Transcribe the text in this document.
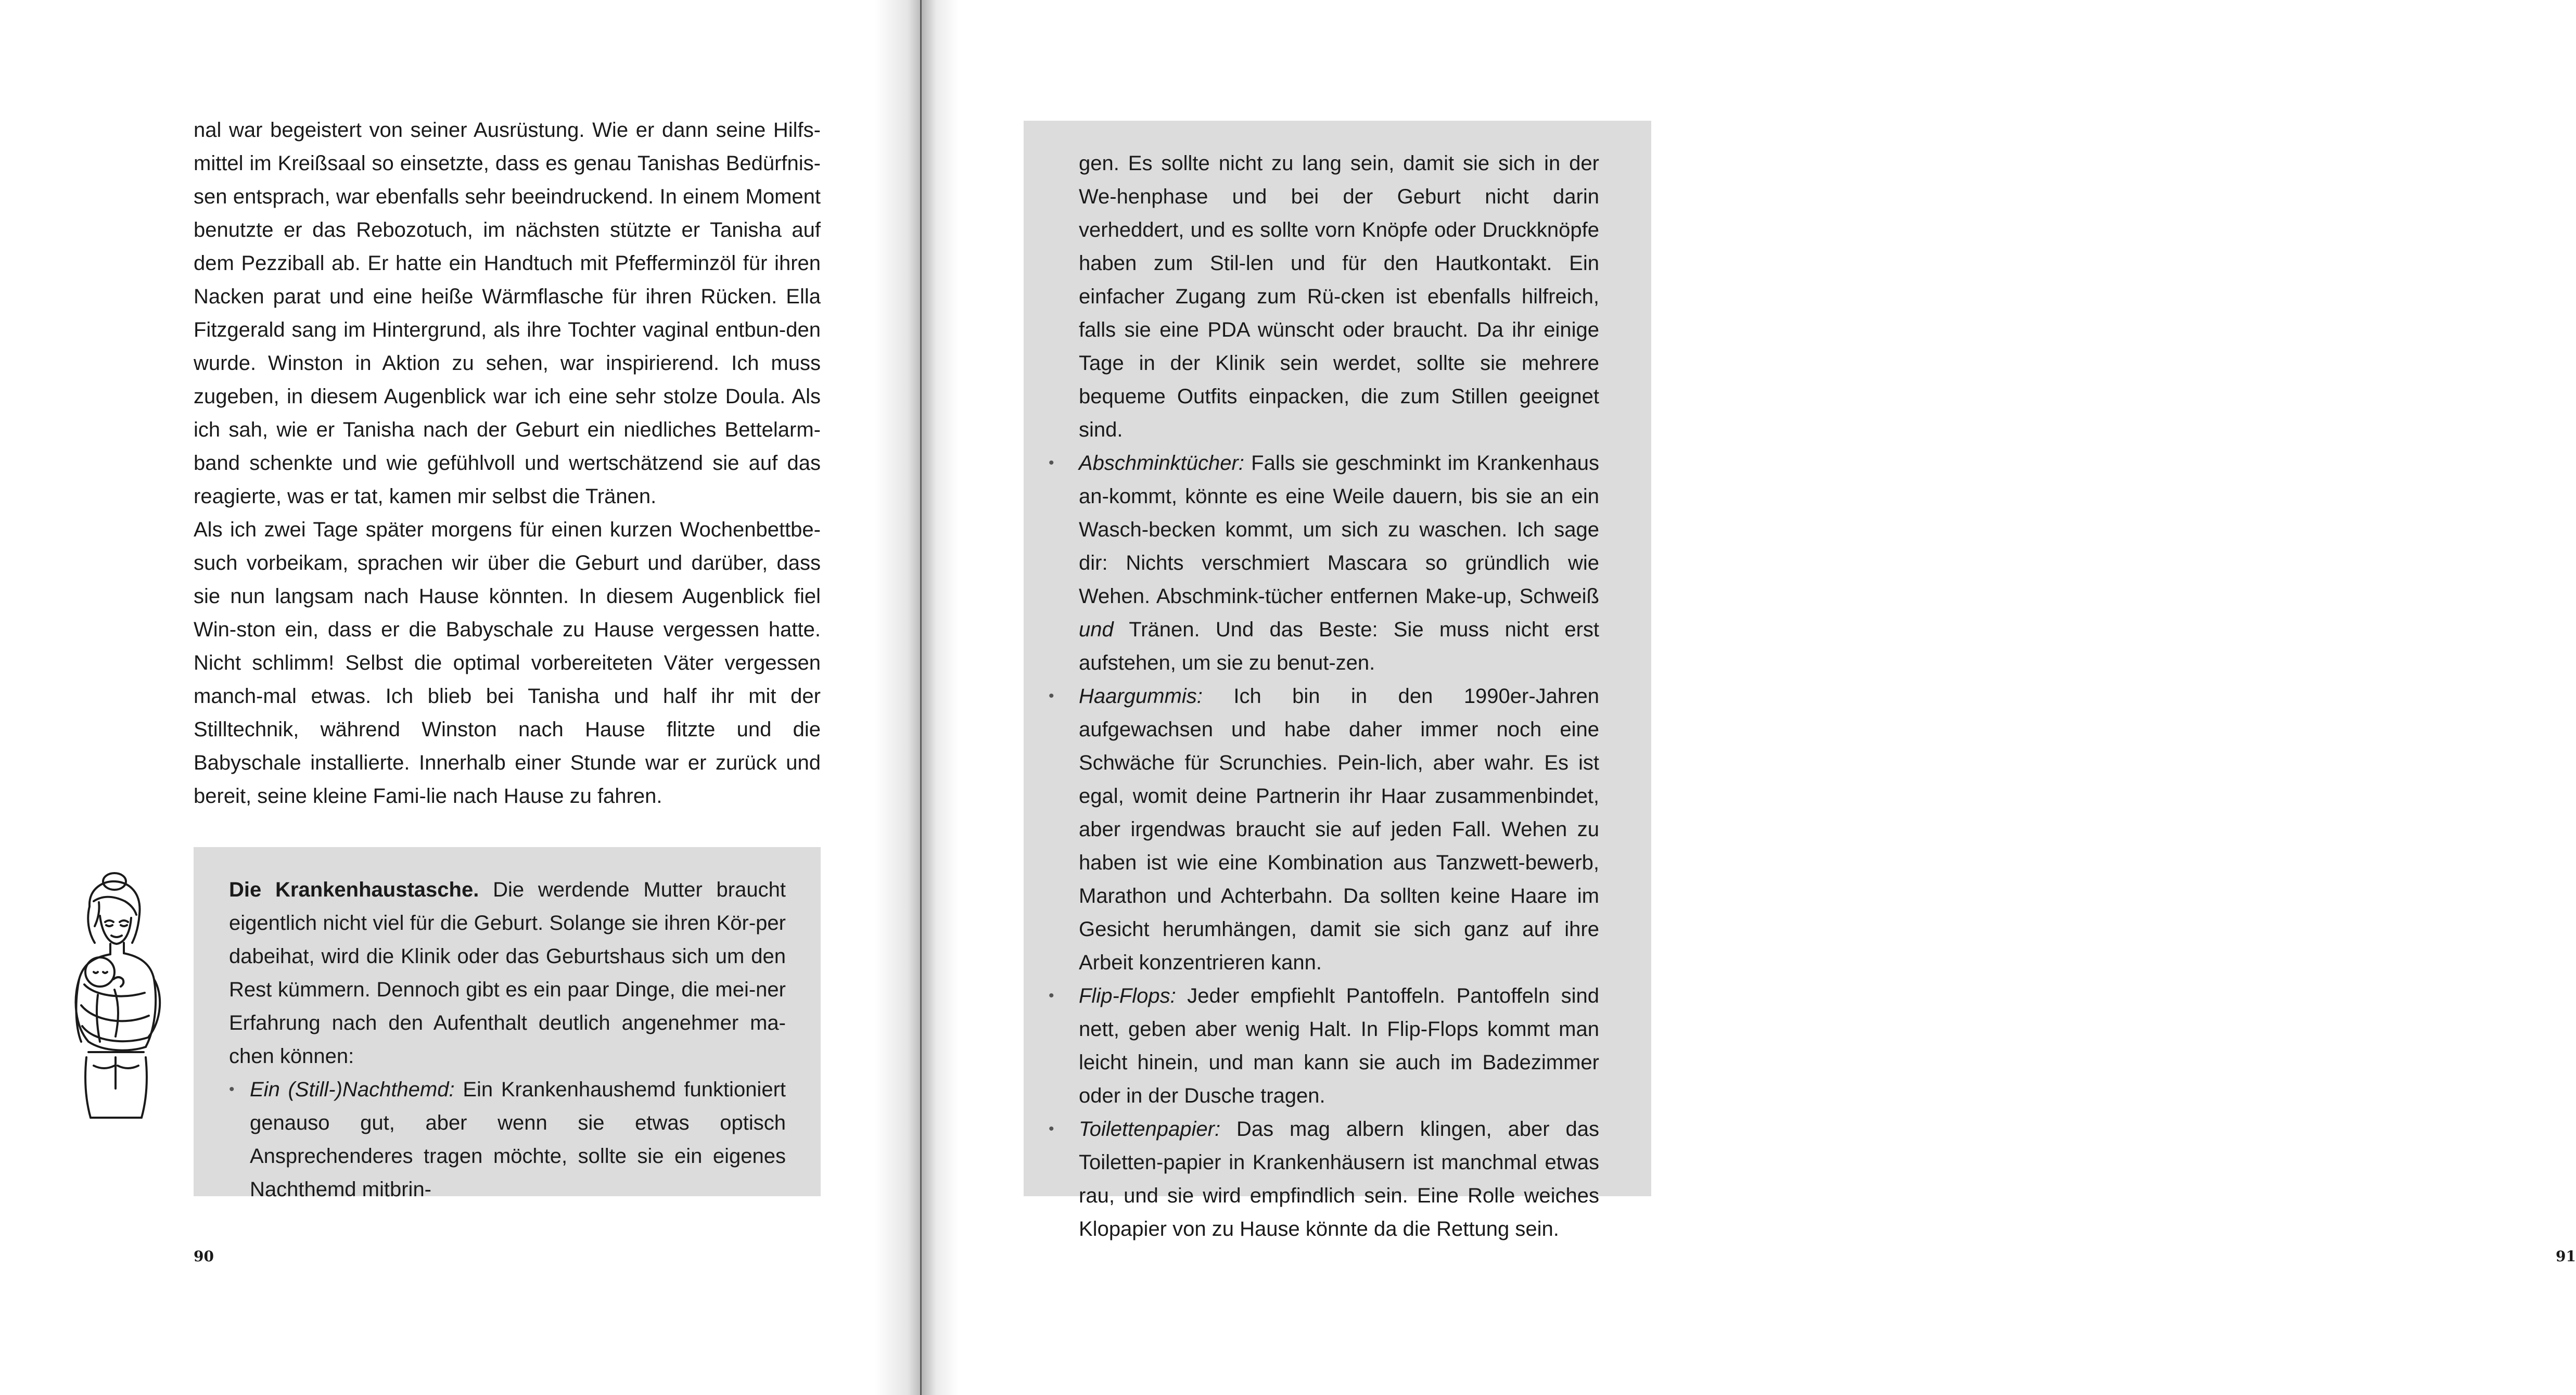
nal war begeistert von seiner Ausrüstung. Wie er dann seine Hilfs-mittel im Kreißsaal so einsetzte, dass es genau Tanishas Bedürfnis-sen entsprach, war ebenfalls sehr beeindruckend. In einem Moment benutzte er das Rebozotuch, im nächsten stützte er Tanisha auf dem Pezziball ab. Er hatte ein Handtuch mit Pfefferminzöl für ihren Nacken parat und eine heiße Wärmflasche für ihren Rücken. Ella Fitzgerald sang im Hintergrund, als ihre Tochter vaginal entbun-den wurde. Winston in Aktion zu sehen, war inspirierend. Ich muss zugeben, in diesem Augenblick war ich eine sehr stolze Doula. Als ich sah, wie er Tanisha nach der Geburt ein niedliches Bettelarm-band schenkte und wie gefühlvoll und wertschätzend sie auf das reagierte, was er tat, kamen mir selbst die Tränen.

Als ich zwei Tage später morgens für einen kurzen Wochenbettbe-such vorbeikam, sprachen wir über die Geburt und darüber, dass sie nun langsam nach Hause könnten. In diesem Augenblick fiel Win-ston ein, dass er die Babyschale zu Hause vergessen hatte. Nicht schlimm! Selbst die optimal vorbereiteten Väter vergessen manch-mal etwas. Ich blieb bei Tanisha und half ihr mit der Stilltechnik, während Winston nach Hause flitzte und die Babyschale installierte. Innerhalb einer Stunde war er zurück und bereit, seine kleine Fami-lie nach Hause zu fahren.

Die Krankenhaustasche. Die werdende Mutter braucht eigentlich nicht viel für die Geburt. Solange sie ihren Kör-per dabeihat, wird die Klinik oder das Geburtshaus sich um den Rest kümmern. Dennoch gibt es ein paar Dinge, die mei-ner Erfahrung nach den Aufenthalt deutlich angenehmer ma-chen können:

• Ein (Still-)Nachthemd: Ein Krankenhaushemd funktioniert genauso gut, aber wenn sie etwas optisch Ansprechenderes tragen möchte, sollte sie ein eigenes Nachthemd mitbrin-
90	91

gen. Es sollte nicht zu lang sein, damit sie sich in der We-henphase und bei der Geburt nicht darin verheddert, und es sollte vorn Knöpfe oder Druckknöpfe haben zum Stil-len und für den Hautkontakt. Ein einfacher Zugang zum Rü-cken ist ebenfalls hilfreich, falls sie eine PDA wünscht oder braucht. Da ihr einige Tage in der Klinik sein werdet, sollte sie mehrere bequeme Outfits einpacken, die zum Stillen geeignet sind.

• Abschminktücher: Falls sie geschminkt im Krankenhaus an-kommt, könnte es eine Weile dauern, bis sie an ein Wasch-becken kommt, um sich zu waschen. Ich sage dir: Nichts verschmiert Mascara so gründlich wie Wehen. Abschmink-tücher entfernen Make-up, Schweiß und Tränen. Und das Beste: Sie muss nicht erst aufstehen, um sie zu benut-zen.
• Haargummis: Ich bin in den 1990er-Jahren aufgewachsen und habe daher immer noch eine Schwäche für Scrunchies. Pein-lich, aber wahr. Es ist egal, womit deine Partnerin ihr Haar zusammenbindet, aber irgendwas braucht sie auf jeden Fall. Wehen zu haben ist wie eine Kombination aus Tanzwett-bewerb, Marathon und Achterbahn. Da sollten keine Haare im Gesicht herumhängen, damit sie sich ganz auf ihre Arbeit konzentrieren kann.
• Flip-Flops: Jeder empfiehlt Pantoffeln. Pantoffeln sind nett, geben aber wenig Halt. In Flip-Flops kommt man leicht hinein, und man kann sie auch im Badezimmer oder in der Dusche tragen.
• Toilettenpapier: Das mag albern klingen, aber das Toiletten-papier in Krankenhäusern ist manchmal etwas rau, und sie wird empfindlich sein. Eine Rolle weiches Klopapier von zu Hause könnte da die Rettung sein.
